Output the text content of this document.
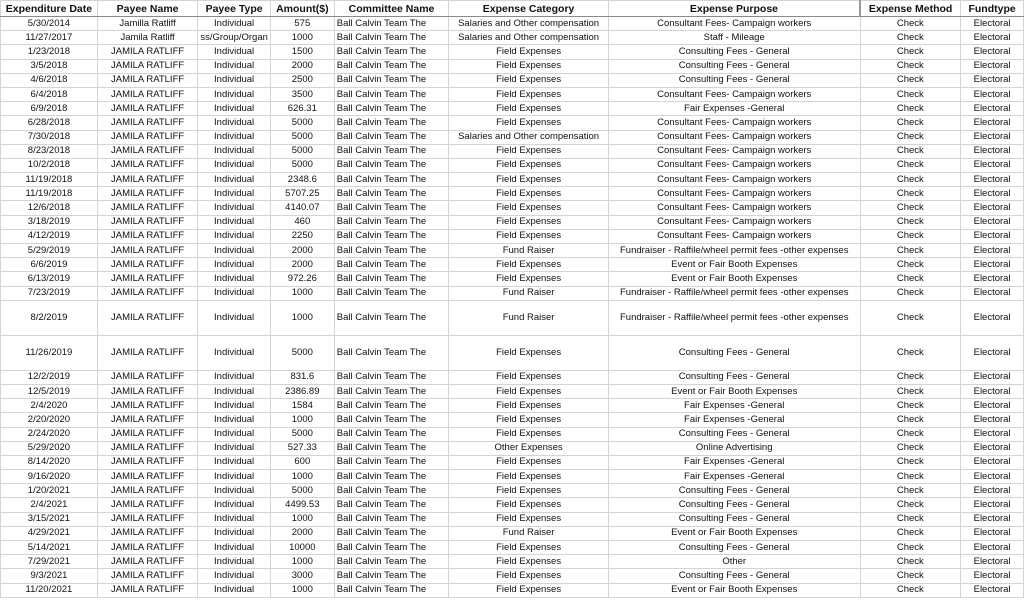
Expenditure Date	Payee Name	Payee Type	Amount($)	Committee Name	Expense Category	Expense Purpose	Expense Method	Fundtype
5/30/2014	Jamilla Ratliff	Individual	575	Ball Calvin Team The	Salaries and Other compensation	Consultant Fees- Campaign workers	Check	Electoral
11/27/2017	Jamila Ratliff	ss/Group/Organ	1000	Ball Calvin Team The	Salaries and Other compensation	Staff - Mileage	Check	Electoral
1/23/2018	JAMILA RATLIFF	Individual	1500	Ball Calvin Team The	Field Expenses	Consulting Fees - General	Check	Electoral
3/5/2018	JAMILA RATLIFF	Individual	2000	Ball Calvin Team The	Field Expenses	Consulting Fees - General	Check	Electoral
4/6/2018	JAMILA RATLIFF	Individual	2500	Ball Calvin Team The	Field Expenses	Consulting Fees - General	Check	Electoral
6/4/2018	JAMILA RATLIFF	Individual	3500	Ball Calvin Team The	Field Expenses	Consultant Fees- Campaign workers	Check	Electoral
6/9/2018	JAMILA RATLIFF	Individual	626.31	Ball Calvin Team The	Field Expenses	Fair Expenses -General	Check	Electoral
6/28/2018	JAMILA RATLIFF	Individual	5000	Ball Calvin Team The	Field Expenses	Consultant Fees- Campaign workers	Check	Electoral
7/30/2018	JAMILA RATLIFF	Individual	5000	Ball Calvin Team The	Salaries and Other compensation	Consultant Fees- Campaign workers	Check	Electoral
8/23/2018	JAMILA RATLIFF	Individual	5000	Ball Calvin Team The	Field Expenses	Consultant Fees- Campaign workers	Check	Electoral
10/2/2018	JAMILA RATLIFF	Individual	5000	Ball Calvin Team The	Field Expenses	Consultant Fees- Campaign workers	Check	Electoral
11/19/2018	JAMILA RATLIFF	Individual	2348.6	Ball Calvin Team The	Field Expenses	Consultant Fees- Campaign workers	Check	Electoral
11/19/2018	JAMILA RATLIFF	Individual	5707.25	Ball Calvin Team The	Field Expenses	Consultant Fees- Campaign workers	Check	Electoral
12/6/2018	JAMILA RATLIFF	Individual	4140.07	Ball Calvin Team The	Field Expenses	Consultant Fees- Campaign workers	Check	Electoral
3/18/2019	JAMILA RATLIFF	Individual	460	Ball Calvin Team The	Field Expenses	Consultant Fees- Campaign workers	Check	Electoral
4/12/2019	JAMILA RATLIFF	Individual	2250	Ball Calvin Team The	Field Expenses	Consultant Fees- Campaign workers	Check	Electoral
5/29/2019	JAMILA RATLIFF	Individual	2000	Ball Calvin Team The	Fund Raiser	Fundraiser - Raffile/wheel permit fees -other expenses	Check	Electoral
6/6/2019	JAMILA RATLIFF	Individual	2000	Ball Calvin Team The	Field Expenses	Event or Fair Booth Expenses	Check	Electoral
6/13/2019	JAMILA RATLIFF	Individual	972.26	Ball Calvin Team The	Field Expenses	Event or Fair Booth Expenses	Check	Electoral
7/23/2019	JAMILA RATLIFF	Individual	1000	Ball Calvin Team The	Fund Raiser	Fundraiser - Raffile/wheel permit fees -other expenses	Check	Electoral
8/2/2019	JAMILA RATLIFF	Individual	1000	Ball Calvin Team The	Fund Raiser	Fundraiser - Raffile/wheel permit fees -other expenses	Check	Electoral
11/26/2019	JAMILA RATLIFF	Individual	5000	Ball Calvin Team The	Field Expenses	Consulting Fees - General	Check	Electoral
12/2/2019	JAMILA RATLIFF	Individual	831.6	Ball Calvin Team The	Field Expenses	Consulting Fees - General	Check	Electoral
12/5/2019	JAMILA RATLIFF	Individual	2386.89	Ball Calvin Team The	Field Expenses	Event or Fair Booth Expenses	Check	Electoral
2/4/2020	JAMILA RATLIFF	Individual	1584	Ball Calvin Team The	Field Expenses	Fair Expenses -General	Check	Electoral
2/20/2020	JAMILA RATLIFF	Individual	1000	Ball Calvin Team The	Field Expenses	Fair Expenses -General	Check	Electoral
2/24/2020	JAMILA RATLIFF	Individual	5000	Ball Calvin Team The	Field Expenses	Consulting Fees - General	Check	Electoral
5/29/2020	JAMILA RATLIFF	Individual	527.33	Ball Calvin Team The	Other Expenses	Online Advertising	Check	Electoral
8/14/2020	JAMILA RATLIFF	Individual	600	Ball Calvin Team The	Field Expenses	Fair Expenses -General	Check	Electoral
9/16/2020	JAMILA RATLIFF	Individual	1000	Ball Calvin Team The	Field Expenses	Fair Expenses -General	Check	Electoral
1/20/2021	JAMILA RATLIFF	Individual	5000	Ball Calvin Team The	Field Expenses	Consulting Fees - General	Check	Electoral
2/4/2021	JAMILA RATLIFF	Individual	4499.53	Ball Calvin Team The	Field Expenses	Consulting Fees - General	Check	Electoral
3/15/2021	JAMILA RATLIFF	Individual	1000	Ball Calvin Team The	Field Expenses	Consulting Fees - General	Check	Electoral
4/29/2021	JAMILA RATLIFF	Individual	2000	Ball Calvin Team The	Fund Raiser	Event or Fair Booth Expenses	Check	Electoral
5/14/2021	JAMILA RATLIFF	Individual	10000	Ball Calvin Team The	Field Expenses	Consulting Fees - General	Check	Electoral
7/29/2021	JAMILA RATLIFF	Individual	1000	Ball Calvin Team The	Field Expenses	Other	Check	Electoral
9/3/2021	JAMILA RATLIFF	Individual	3000	Ball Calvin Team The	Field Expenses	Consulting Fees - General	Check	Electoral
11/20/2021	JAMILA RATLIFF	Individual	1000	Ball Calvin Team The	Field Expenses	Event or Fair Booth Expenses	Check	Electoral
